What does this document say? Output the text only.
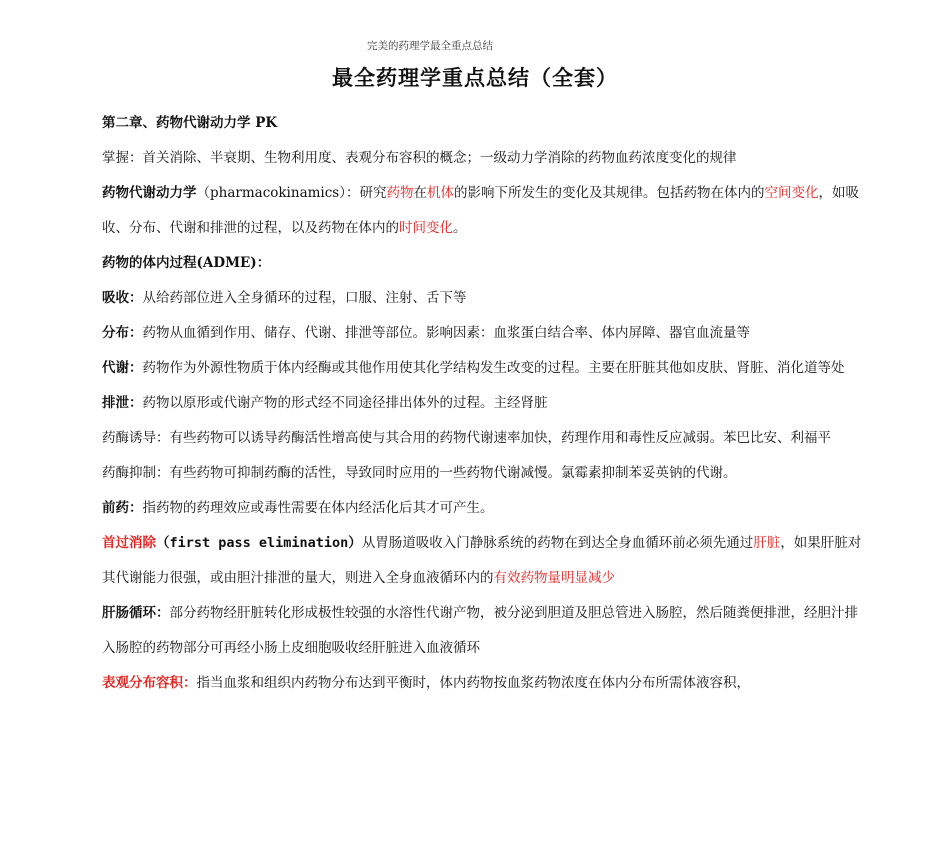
完美的药理学最全重点总结
最全药理学重点总结（全套）

第二章、药物代谢动力学 PK

掌握：首关消除、半衰期、生物利用度、表观分布容积的概念；一级动力学消除的药物血药浓度变化的规律

药物代谢动力学（pharmacokinamics）：研究药物在机体的影响下所发生的变化及其规律。包括药物在体内的空间变化，如吸收、分布、代谢和排泄的过程，以及药物在体内的时间变化。

药物的体内过程(ADME)：

吸收：从给药部位进入全身循环的过程，口服、注射、舌下等

分布：药物从血循到作用、储存、代谢、排泄等部位。影响因素：血浆蛋白结合率、体内屏障、器官血流量等

代谢：药物作为外源性物质于体内经酶或其他作用使其化学结构发生改变的过程。主要在肝脏其他如皮肤、肾脏、消化道等处

排泄：药物以原形或代谢产物的形式经不同途径排出体外的过程。主经肾脏

药酶诱导：有些药物可以诱导药酶活性增高使与其合用的药物代谢速率加快，药理作用和毒性反应减弱。苯巴比安、利福平

药酶抑制：有些药物可抑制药酶的活性，导致同时应用的一些药物代谢减慢。氯霉素抑制苯妥英钠的代谢。

前药：指药物的药理效应或毒性需要在体内经活化后其才可产生。

首过消除（first pass elimination）从胃肠道吸收入门静脉系统的药物在到达全身血循环前必须先通过肝脏，如果肝脏对其代谢能力很强，或由胆汁排泄的量大，则进入全身血液循环内的有效药物量明显减少

肝肠循环：部分药物经肝脏转化形成极性较强的水溶性代谢产物，被分泌到胆道及胆总管进入肠腔，然后随粪便排泄，经胆汁排入肠腔的药物部分可再经小肠上皮细胞吸收经肝脏进入血液循环

表观分布容积：指当血浆和组织内药物分布达到平衡时，体内药物按血浆药物浓度在体内分布所需体液容积，
